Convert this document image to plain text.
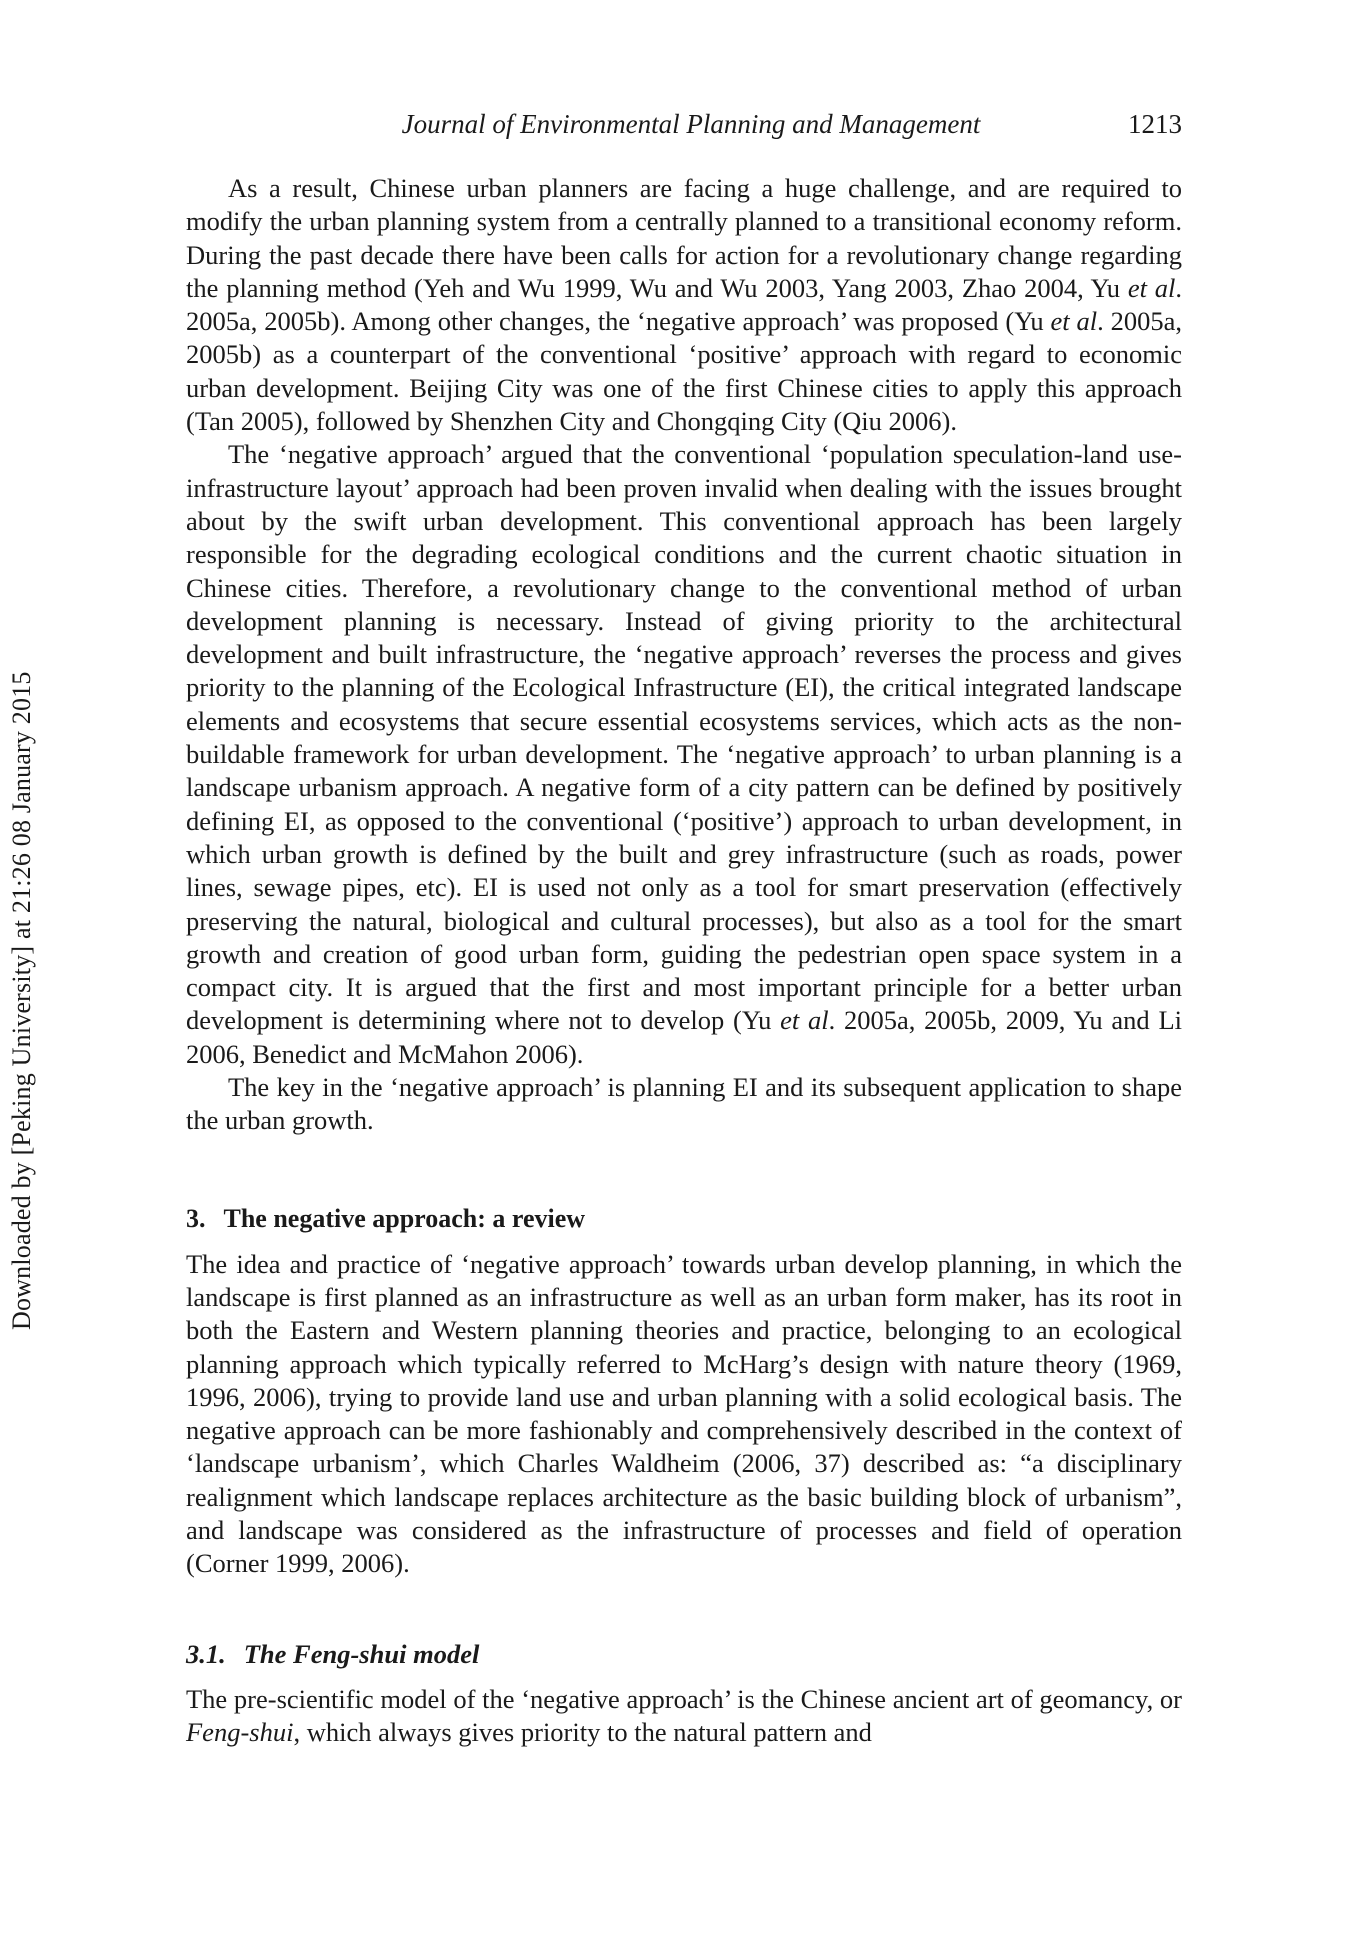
Journal of Environmental Planning and Management	1213
Downloaded by [Peking University] at 21:26 08 January 2015

As a result, Chinese urban planners are facing a huge challenge, and are required to modify the urban planning system from a centrally planned to a transitional economy reform. During the past decade there have been calls for action for a revolutionary change regarding the planning method (Yeh and Wu 1999, Wu and Wu 2003, Yang 2003, Zhao 2004, Yu et al. 2005a, 2005b). Among other changes, the ‘negative approach’ was proposed (Yu et al. 2005a, 2005b) as a counterpart of the conventional ‘positive’ approach with regard to economic urban development. Beijing City was one of the first Chinese cities to apply this approach (Tan 2005), followed by Shenzhen City and Chongqing City (Qiu 2006).

The ‘negative approach’ argued that the conventional ‘population speculation-land use-infrastructure layout’ approach had been proven invalid when dealing with the issues brought about by the swift urban development. This conventional approach has been largely responsible for the degrading ecological conditions and the current chaotic situation in Chinese cities. Therefore, a revolutionary change to the conventional method of urban development planning is necessary. Instead of giving priority to the architectural development and built infrastructure, the ‘negative approach’ reverses the process and gives priority to the planning of the Ecological Infrastructure (EI), the critical integrated landscape elements and ecosystems that secure essential ecosystems services, which acts as the non-buildable framework for urban development. The ‘negative approach’ to urban planning is a landscape urbanism approach. A negative form of a city pattern can be defined by positively defining EI, as opposed to the conventional (‘positive’) approach to urban development, in which urban growth is defined by the built and grey infrastructure (such as roads, power lines, sewage pipes, etc). EI is used not only as a tool for smart preservation (effectively preserving the natural, biological and cultural processes), but also as a tool for the smart growth and creation of good urban form, guiding the pedestrian open space system in a compact city. It is argued that the first and most important principle for a better urban development is determining where not to develop (Yu et al. 2005a, 2005b, 2009, Yu and Li 2006, Benedict and McMahon 2006).

The key in the ‘negative approach’ is planning EI and its subsequent application to shape the urban growth.

3. The negative approach: a review

The idea and practice of ‘negative approach’ towards urban develop planning, in which the landscape is first planned as an infrastructure as well as an urban form maker, has its root in both the Eastern and Western planning theories and practice, belonging to an ecological planning approach which typically referred to McHarg’s design with nature theory (1969, 1996, 2006), trying to provide land use and urban planning with a solid ecological basis. The negative approach can be more fashionably and comprehensively described in the context of ‘landscape urbanism’, which Charles Waldheim (2006, 37) described as: “a disciplinary realignment which landscape replaces architecture as the basic building block of urbanism”, and landscape was considered as the infrastructure of processes and field of operation (Corner 1999, 2006).

3.1. The Feng-shui model

The pre-scientific model of the ‘negative approach’ is the Chinese ancient art of geomancy, or Feng-shui, which always gives priority to the natural pattern and
